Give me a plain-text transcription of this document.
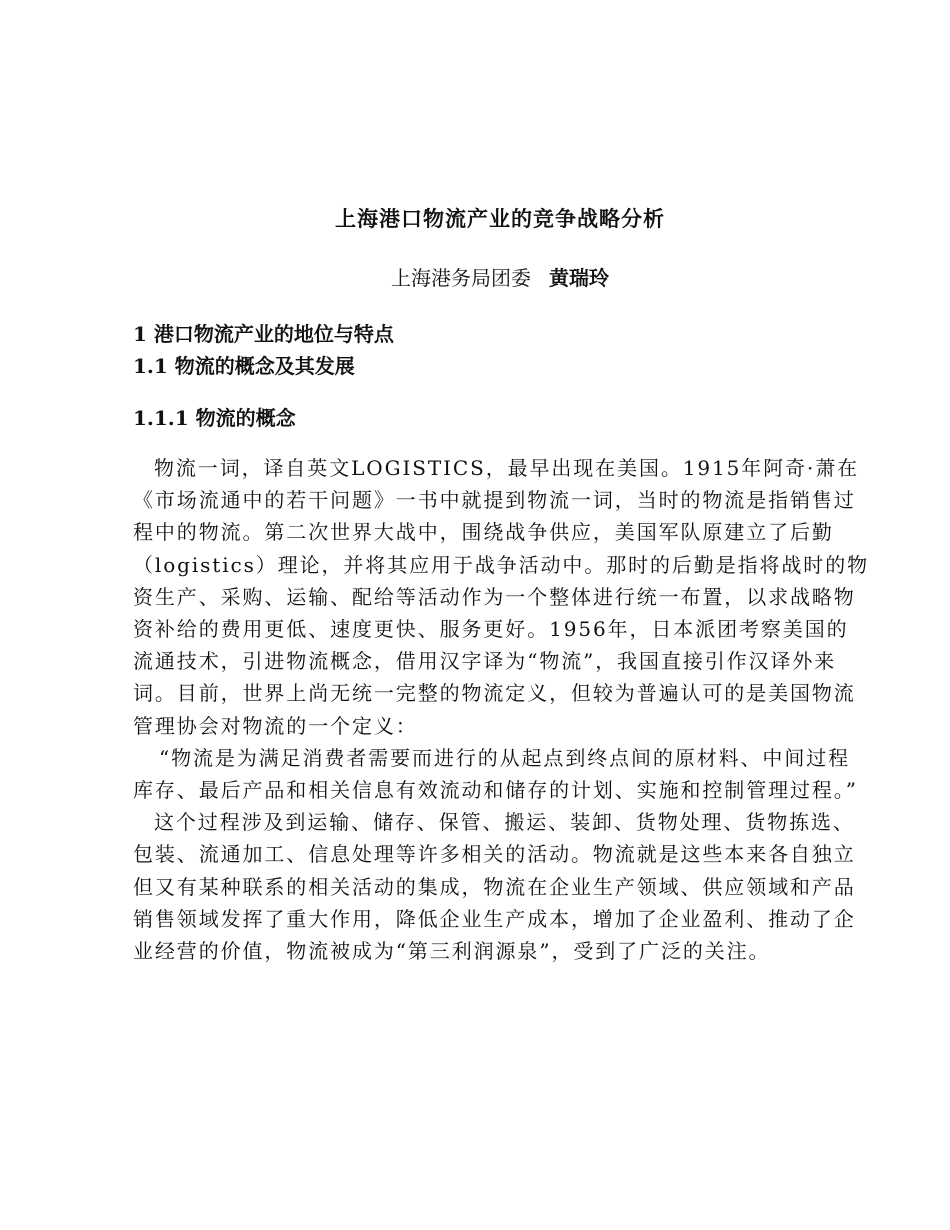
上海港口物流产业的竞争战略分析
上海港务局团委 黄瑞玲
1 港口物流产业的地位与特点
1.1 物流的概念及其发展
1.1.1 物流的概念

物流一词，译自英文LOGISTICS，最早出现在美国。1915年阿奇·萧在《市场流通中的若干问题》一书中就提到物流一词，当时的物流是指销售过程中的物流。第二次世界大战中，围绕战争供应，美国军队原建立了后勤（logistics）理论，并将其应用于战争活动中。那时的后勤是指将战时的物资生产、采购、运输、配给等活动作为一个整体进行统一布置，以求战略物资补给的费用更低、速度更快、服务更好。1956年，日本派团考察美国的流通技术，引进物流概念，借用汉字译为“物流”，我国直接引作汉译外来词。目前，世界上尚无统一完整的物流定义，但较为普遍认可的是美国物流管理协会对物流的一个定义：

“物流是为满足消费者需要而进行的从起点到终点间的原材料、中间过程库存、最后产品和相关信息有效流动和储存的计划、实施和控制管理过程。”

这个过程涉及到运输、储存、保管、搬运、装卸、货物处理、货物拣选、包装、流通加工、信息处理等许多相关的活动。物流就是这些本来各自独立但又有某种联系的相关活动的集成，物流在企业生产领域、供应领域和产品销售领域发挥了重大作用，降低企业生产成本，增加了企业盈利、推动了企业经营的价值，物流被成为“第三利润源泉”，受到了广泛的关注。
